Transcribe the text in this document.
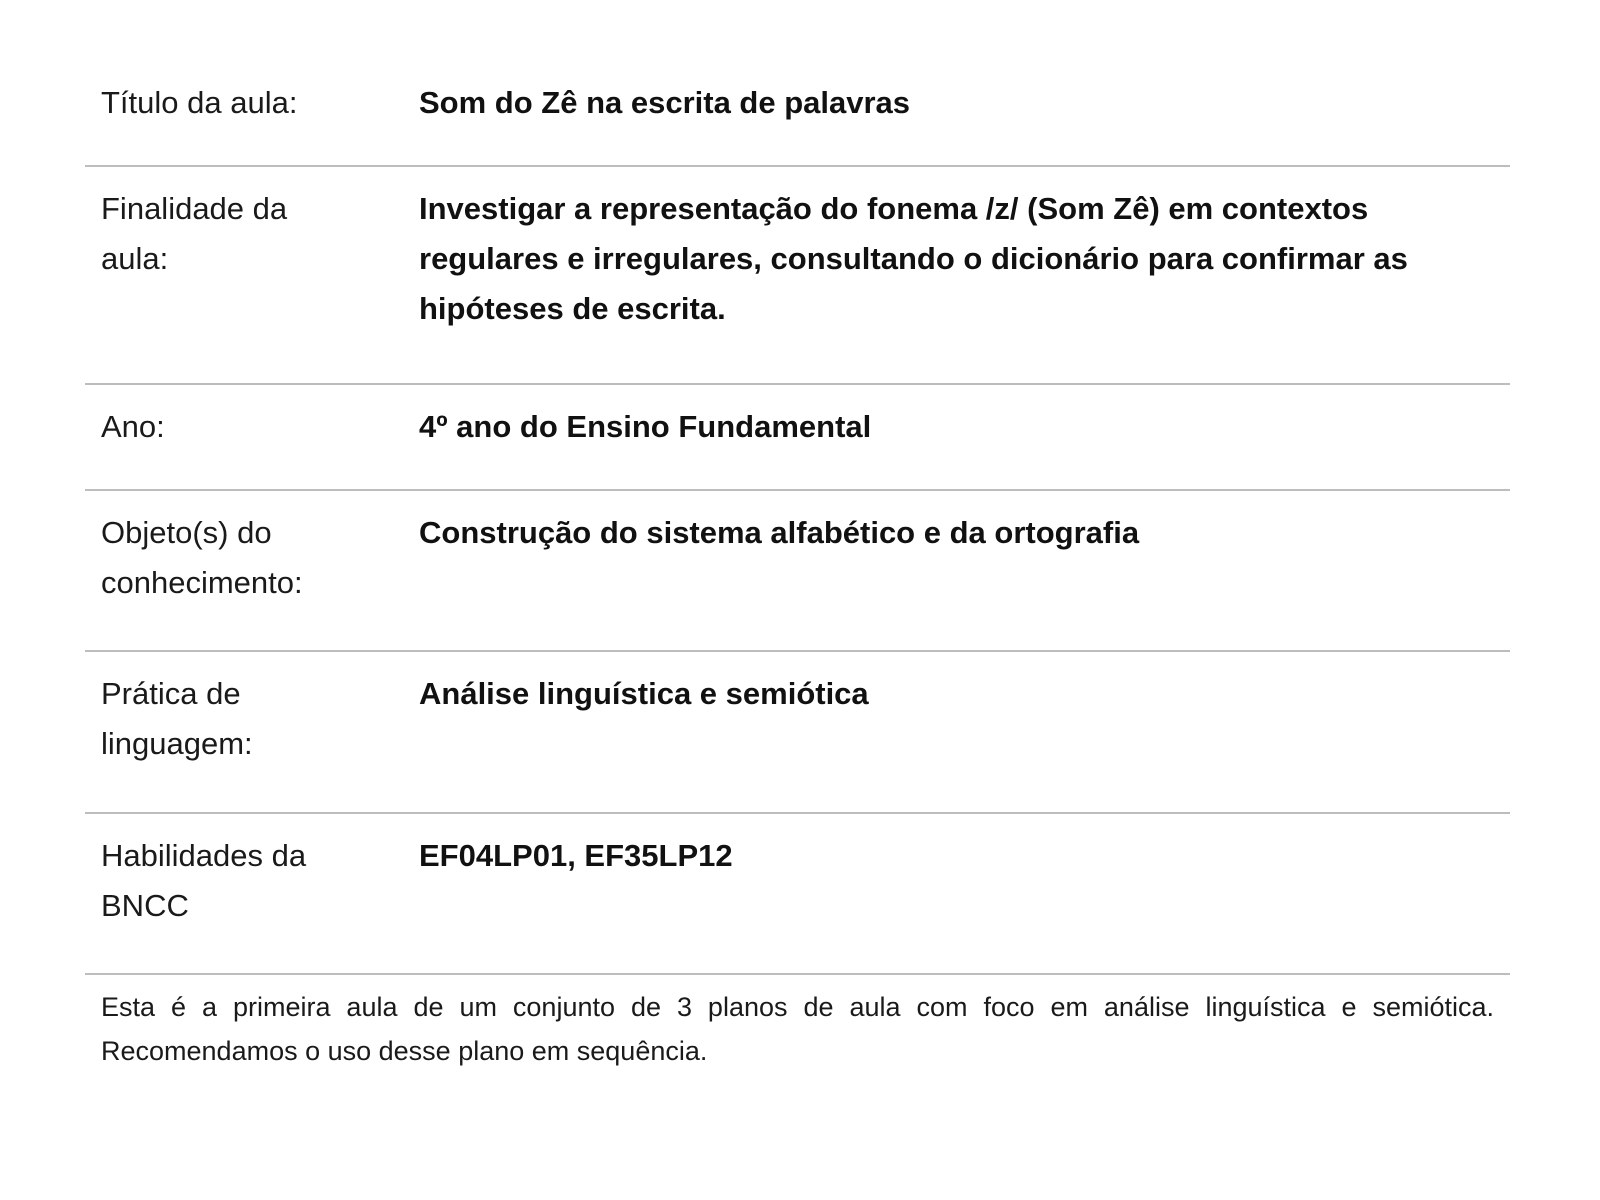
Título da aula:	Som do Zê na escrita de palavras
Finalidade da aula:
Investigar a representação do fonema /z/ (Som Zê) em contextos regulares e irregulares, consultando o dicionário para confirmar as hipóteses de escrita.
Ano:	4º ano do Ensino Fundamental
Objeto(s) do conhecimento:
Construção do sistema alfabético e da ortografia
Prática de linguagem:
Análise linguística e semiótica
Habilidades da BNCC
EF04LP01, EF35LP12
Esta é a primeira aula de um conjunto de 3 planos de aula com foco em análise linguística e semiótica. Recomendamos o uso desse plano em sequência.
